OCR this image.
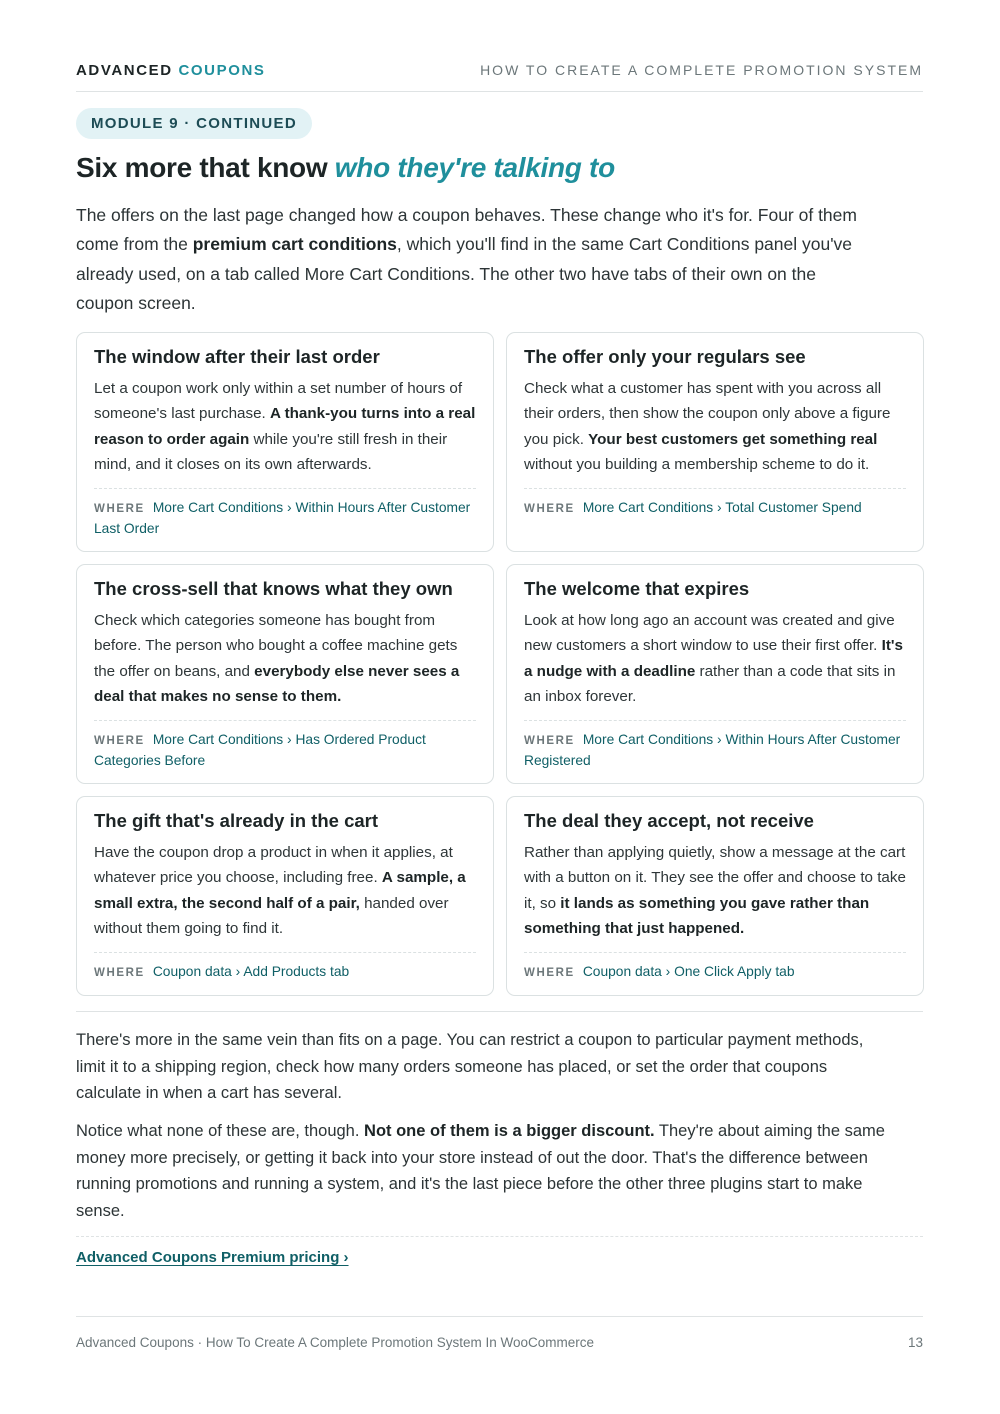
ADVANCED COUPONS	HOW TO CREATE A COMPLETE PROMOTION SYSTEM
MODULE 9 · CONTINUED
Six more that know who they're talking to
The offers on the last page changed how a coupon behaves. These change who it's for. Four of them come from the premium cart conditions, which you'll find in the same Cart Conditions panel you've already used, on a tab called More Cart Conditions. The other two have tabs of their own on the coupon screen.
The window after their last order

Let a coupon work only within a set number of hours of someone's last purchase. A thank-you turns into a real reason to order again while you're still fresh in their mind, and it closes on its own afterwards.

WHERE More Cart Conditions › Within Hours After Customer Last Order
The offer only your regulars see

Check what a customer has spent with you across all their orders, then show the coupon only above a figure you pick. Your best customers get something real without you building a membership scheme to do it.

WHERE More Cart Conditions › Total Customer Spend
The cross-sell that knows what they own

Check which categories someone has bought from before. The person who bought a coffee machine gets the offer on beans, and everybody else never sees a deal that makes no sense to them.

WHERE More Cart Conditions › Has Ordered Product Categories Before
The welcome that expires

Look at how long ago an account was created and give new customers a short window to use their first offer. It's a nudge with a deadline rather than a code that sits in an inbox forever.

WHERE More Cart Conditions › Within Hours After Customer Registered
The gift that's already in the cart

Have the coupon drop a product in when it applies, at whatever price you choose, including free. A sample, a small extra, the second half of a pair, handed over without them going to find it.

WHERE Coupon data › Add Products tab
The deal they accept, not receive

Rather than applying quietly, show a message at the cart with a button on it. They see the offer and choose to take it, so it lands as something you gave rather than something that just happened.

WHERE Coupon data › One Click Apply tab
There's more in the same vein than fits on a page. You can restrict a coupon to particular payment methods, limit it to a shipping region, check how many orders someone has placed, or set the order that coupons calculate in when a cart has several.
Notice what none of these are, though. Not one of them is a bigger discount. They're about aiming the same money more precisely, or getting it back into your store instead of out the door. That's the difference between running promotions and running a system, and it's the last piece before the other three plugins start to make sense.
Advanced Coupons Premium pricing ›
Advanced Coupons · How To Create A Complete Promotion System In WooCommerce	13
